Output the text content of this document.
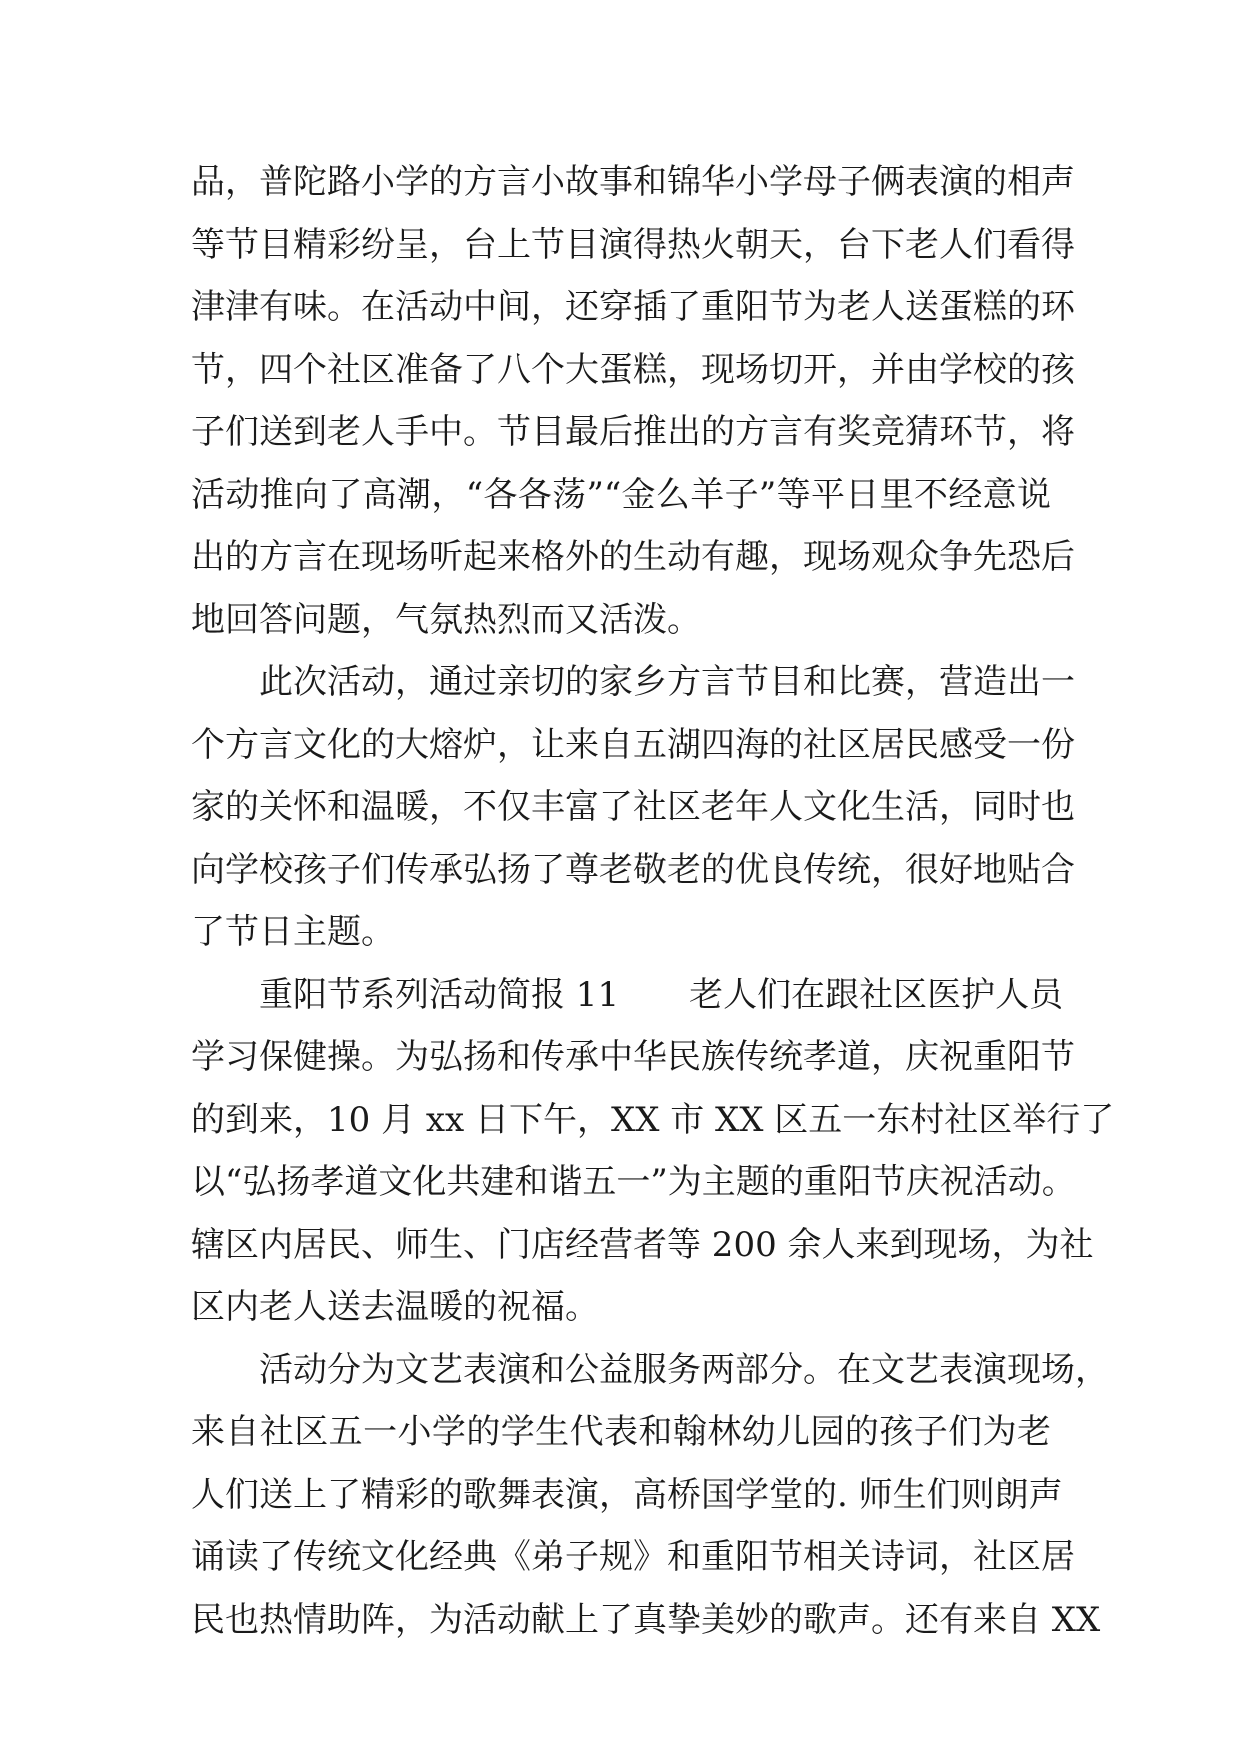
品，普陀路小学的方言小故事和锦华小学母子俩表演的相声
等节目精彩纷呈，台上节目演得热火朝天，台下老人们看得
津津有味。在活动中间，还穿插了重阳节为老人送蛋糕的环
节，四个社区准备了八个大蛋糕，现场切开，并由学校的孩
子们送到老人手中。节目最后推出的方言有奖竞猜环节，将
活动推向了高潮，“各各荡”“金么羊子”等平日里不经意说
出的方言在现场听起来格外的生动有趣，现场观众争先恐后
地回答问题，气氛热烈而又活泼。
此次活动，通过亲切的家乡方言节目和比赛，营造出一
个方言文化的大熔炉，让来自五湖四海的社区居民感受一份
家的关怀和温暖，不仅丰富了社区老年人文化生活，同时也
向学校孩子们传承弘扬了尊老敬老的优良传统，很好地贴合
了节日主题。
重阳节系列活动简报 11 老人们在跟社区医护人员
学习保健操。为弘扬和传承中华民族传统孝道，庆祝重阳节
的到来，10 月 xx 日下午，XX 市 XX 区五一东村社区举行了
以“弘扬孝道文化共建和谐五一”为主题的重阳节庆祝活动。
辖区内居民、师生、门店经营者等 200 余人来到现场，为社
区内老人送去温暖的祝福。
活动分为文艺表演和公益服务两部分。在文艺表演现场，
来自社区五一小学的学生代表和翰林幼儿园的孩子们为老
人们送上了精彩的歌舞表演，高桥国学堂的. 师生们则朗声
诵读了传统文化经典《弟子规》和重阳节相关诗词，社区居
民也热情助阵，为活动献上了真挚美妙的歌声。还有来自 XX
